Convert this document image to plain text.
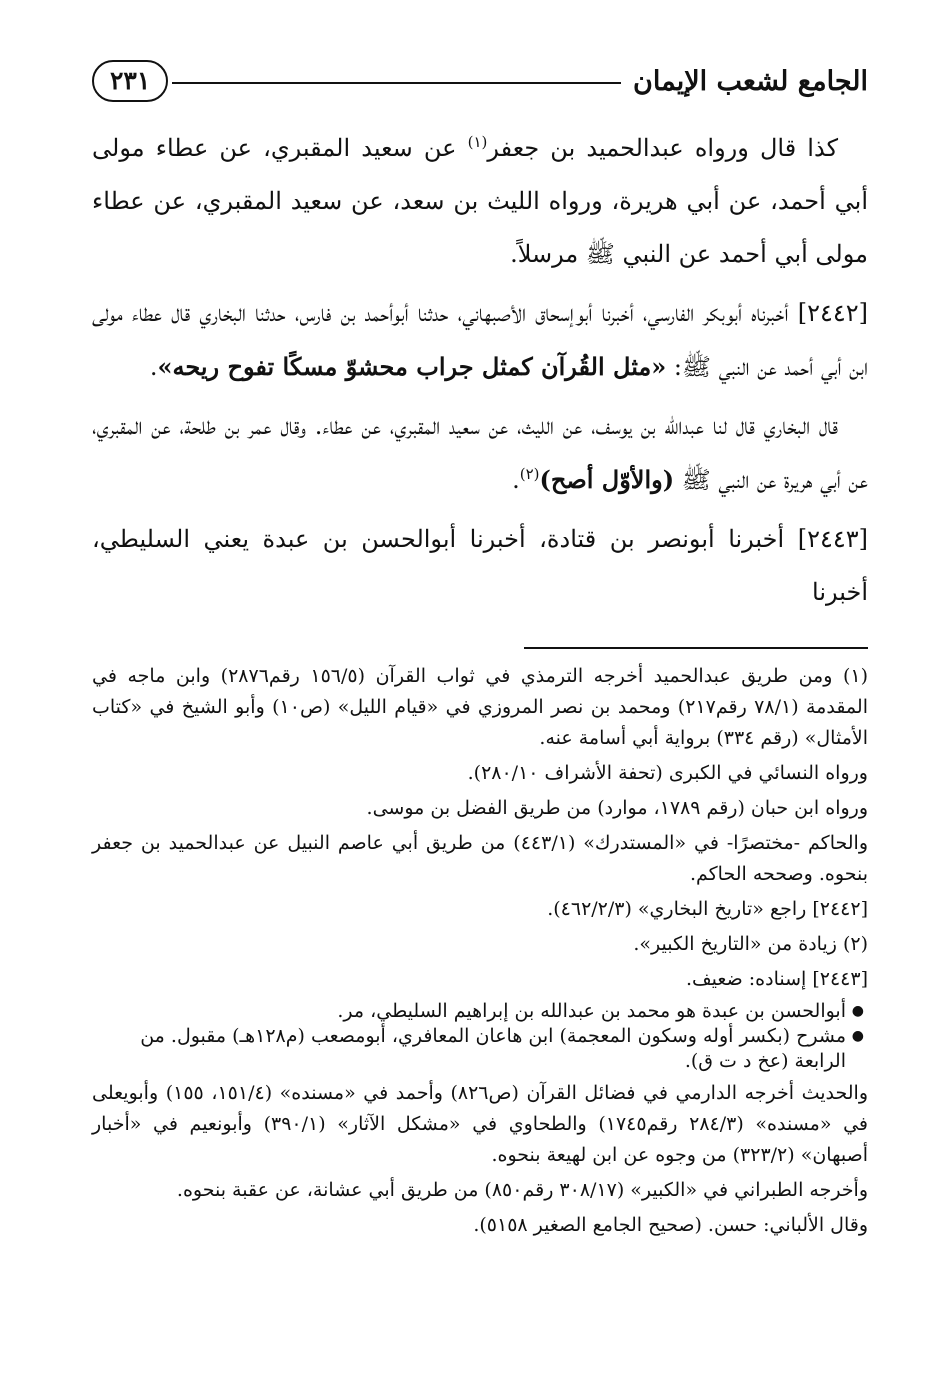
الجامع لشعب الإيمان
٢٣١

كذا قال ورواه عبدالحميد بن جعفر$^{(١)}$ عن سعيد المقبري، عن عطاء مولى أبي أحمد، عن أبي هريرة، ورواه الليث بن سعد، عن سعيد المقبري، عن عطاء مولى أبي أحمد عن النبي ﷺ مرسلاً.

[٢٤٤٢] أخبرناه أبوبكر الفارسي، أخبرنا أبوإسحاق الأصبهاني، حدثنا أبوأحمد بن فارس، حدثنا البخاري قال عطاء مولى ابن أبي أحمد عن النبي ﷺ: «مثل القُرآن كمثل جراب محشوّ مسكًا تفوح ريحه».

قال البخاري قال لنا عبدالله بن يوسف، عن الليث، عن سعيد المقبري، عن عطاء. وقال عمر بن طلحة، عن المقبري، عن أبي هريرة عن النبي ﷺ (والأوّل أصح)$^{(٢)}$.

[٢٤٤٣] أخبرنا أبونصر بن قتادة، أخبرنا أبوالحسن بن عبدة يعني السليطي، أخبرنا

(١) ومن طريق عبدالحميد أخرجه الترمذي في ثواب القرآن (١٥٦/٥ رقم٢٨٧٦) وابن ماجه في المقدمة (٧٨/١ رقم٢١٧) ومحمد بن نصر المروزي في «قيام الليل» (ص١٠) وأبو الشيخ في «كتاب الأمثال» (رقم ٣٣٤) برواية أبي أسامة عنه.

ورواه النسائي في الكبرى (تحفة الأشراف ٢٨٠/١٠).

ورواه ابن حبان (رقم ١٧٨٩، موارد) من طريق الفضل بن موسى.

والحاكم -مختصرًا- في «المستدرك» (٤٤٣/١) من طريق أبي عاصم النبيل عن عبدالحميد بن جعفر بنحوه. وصححه الحاكم.

[٢٤٤٢] راجع «تاريخ البخاري» (٤٦٢/٢/٣).

(٢) زيادة من «التاريخ الكبير».

[٢٤٤٣] إسناده: ضعيف.

●
أبوالحسن بن عبدة هو محمد بن عبدالله بن إبراهيم السليطي، مر.
●
مشرح (بكسر أوله وسكون المعجمة) ابن هاعان المعافري، أبومصعب (م١٢٨هـ) مقبول. من الرابعة (عخ د ت ق).

والحديث أخرجه الدارمي في فضائل القرآن (ص٨٢٦) وأحمد في «مسنده» (١٥١/٤، ١٥٥) وأبويعلى في «مسنده» (٢٨٤/٣ رقم١٧٤٥) والطحاوي في «مشكل الآثار» (٣٩٠/١) وأبونعيم في «أخبار أصبهان» (٣٢٣/٢) من وجوه عن ابن لهيعة بنحوه.

وأخرجه الطبراني في «الكبير» (٣٠٨/١٧ رقم٨٥٠) من طريق أبي عشانة، عن عقبة بنحوه.

وقال الألباني: حسن. (صحيح الجامع الصغير ٥١٥٨).
